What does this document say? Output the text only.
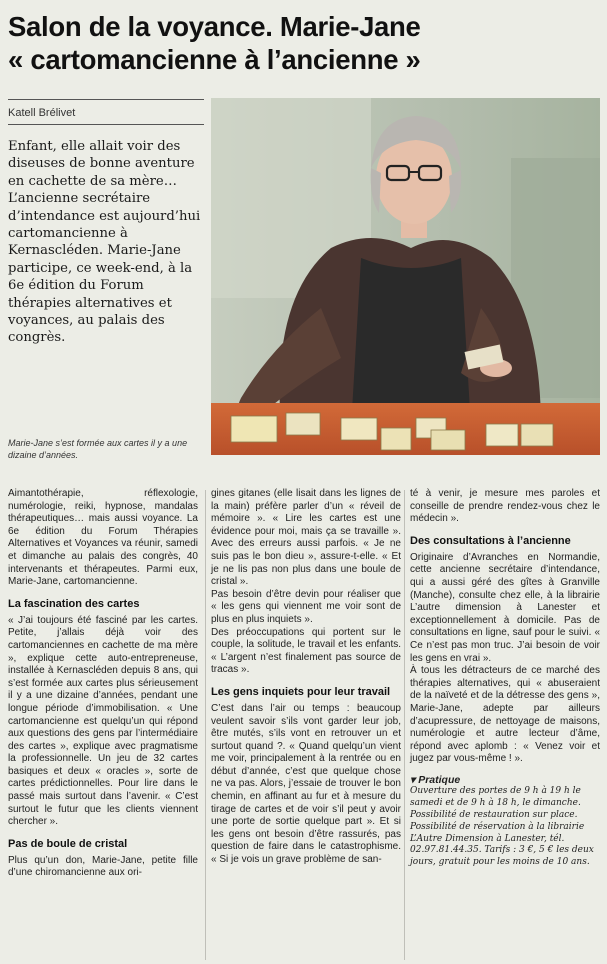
Salon de la voyance. Marie-Jane
« cartomancienne à l’ancienne »
Katell Brélivet
Enfant, elle allait voir des diseuses de bonne aventure en cachette de sa mère… L’ancienne secrétaire d’intendance est aujourd’hui cartomancienne à Kernascléden. Marie-Jane participe, ce week-end, à la 6e édition du Forum thérapies alternatives et voyances, au palais des congrès.
Marie-Jane s’est formée aux cartes il y a une dizaine d’années.

Aimantothérapie, réflexologie, numérologie, reiki, hypnose, mandalas thérapeutiques… mais aussi voyance. La 6e édition du Forum Thérapies Alternatives et Voyances va réunir, samedi et dimanche au palais des congrès, 40 intervenants et thérapeutes. Parmi eux, Marie-Jane, cartomancienne.

La fascination des cartes

« J’ai toujours été fasciné par les cartes. Petite, j’allais déjà voir des cartomanciennes en cachette de ma mère », explique cette auto-entrepreneuse, installée à Kernascléden depuis 8 ans, qui s’est formée aux cartes plus sérieusement il y a une dizaine d’années, pendant une longue période d’immobilisation. « Une cartomancienne est quelqu’un qui répond aux questions des gens par l’intermédiaire des cartes », explique avec pragmatisme la professionnelle. Un jeu de 32 cartes basiques et deux « oracles », sorte de cartes prédictionnelles. Pour lire dans le passé mais surtout dans l’avenir. « C’est surtout le futur que les clients viennent chercher ».

Pas de boule de cristal

Plus qu’un don, Marie-Jane, petite fille d’une chiromancienne aux ori-

gines gitanes (elle lisait dans les lignes de la main) préfère parler d’un « réveil de mémoire ». « Lire les cartes est une évidence pour moi, mais ça se travaille ». Avec des erreurs aussi parfois. « Je ne suis pas le bon dieu », assure-t-elle. « Et je ne lis pas non plus dans une boule de cristal ».

Pas besoin d’être devin pour réaliser que « les gens qui viennent me voir sont de plus en plus inquiets ».

Des préoccupations qui portent sur le couple, la solitude, le travail et les enfants. « L’argent n’est finalement pas source de tracas ».

Les gens inquiets pour leur travail

C’est dans l’air ou temps : beaucoup veulent savoir s’ils vont garder leur job, être mutés, s’ils vont en retrouver un et surtout quand ?. « Quand quelqu’un vient me voir, principalement à la rentrée ou en début d’année, c’est que quelque chose ne va pas. Alors, j’essaie de trouver le bon chemin, en affinant au fur et à mesure du tirage de cartes et de voir s’il peut y avoir une porte de sortie quelque part ». Et si les gens ont besoin d’être rassurés, pas question de faire dans le catastrophisme. « Si je vois un grave problème de san-

té à venir, je mesure mes paroles et conseille de prendre rendez-vous chez le médecin ».

Des consultations à l’ancienne

Originaire d’Avranches en Normandie, cette ancienne secrétaire d’intendance, qui a aussi géré des gîtes à Granville (Manche), consulte chez elle, à la librairie L’autre dimension à Lanester et exceptionnellement à domicile. Pas de consultations en ligne, sauf pour le suivi. « Ce n’est pas mon truc. J’ai besoin de voir les gens en vrai ».

À tous les détracteurs de ce marché des thérapies alternatives, qui « abuseraient de la naïveté et de la détresse des gens », Marie-Jane, adepte par ailleurs d’acupressure, de nettoyage de maisons, numérologie et autre lecteur d’âme, répond avec aplomb : « Venez voir et jugez par vous-même ! ».

▾ Pratique

Ouverture des portes de 9 h à 19 h le samedi et de 9 h à 18 h, le dimanche. Possibilité de restauration sur place. Possibilité de réservation à la librairie L’Autre Dimension à Lanester, tél. 02.97.81.44.35. Tarifs : 3 €, 5 € les deux jours, gratuit pour les moins de 10 ans.
